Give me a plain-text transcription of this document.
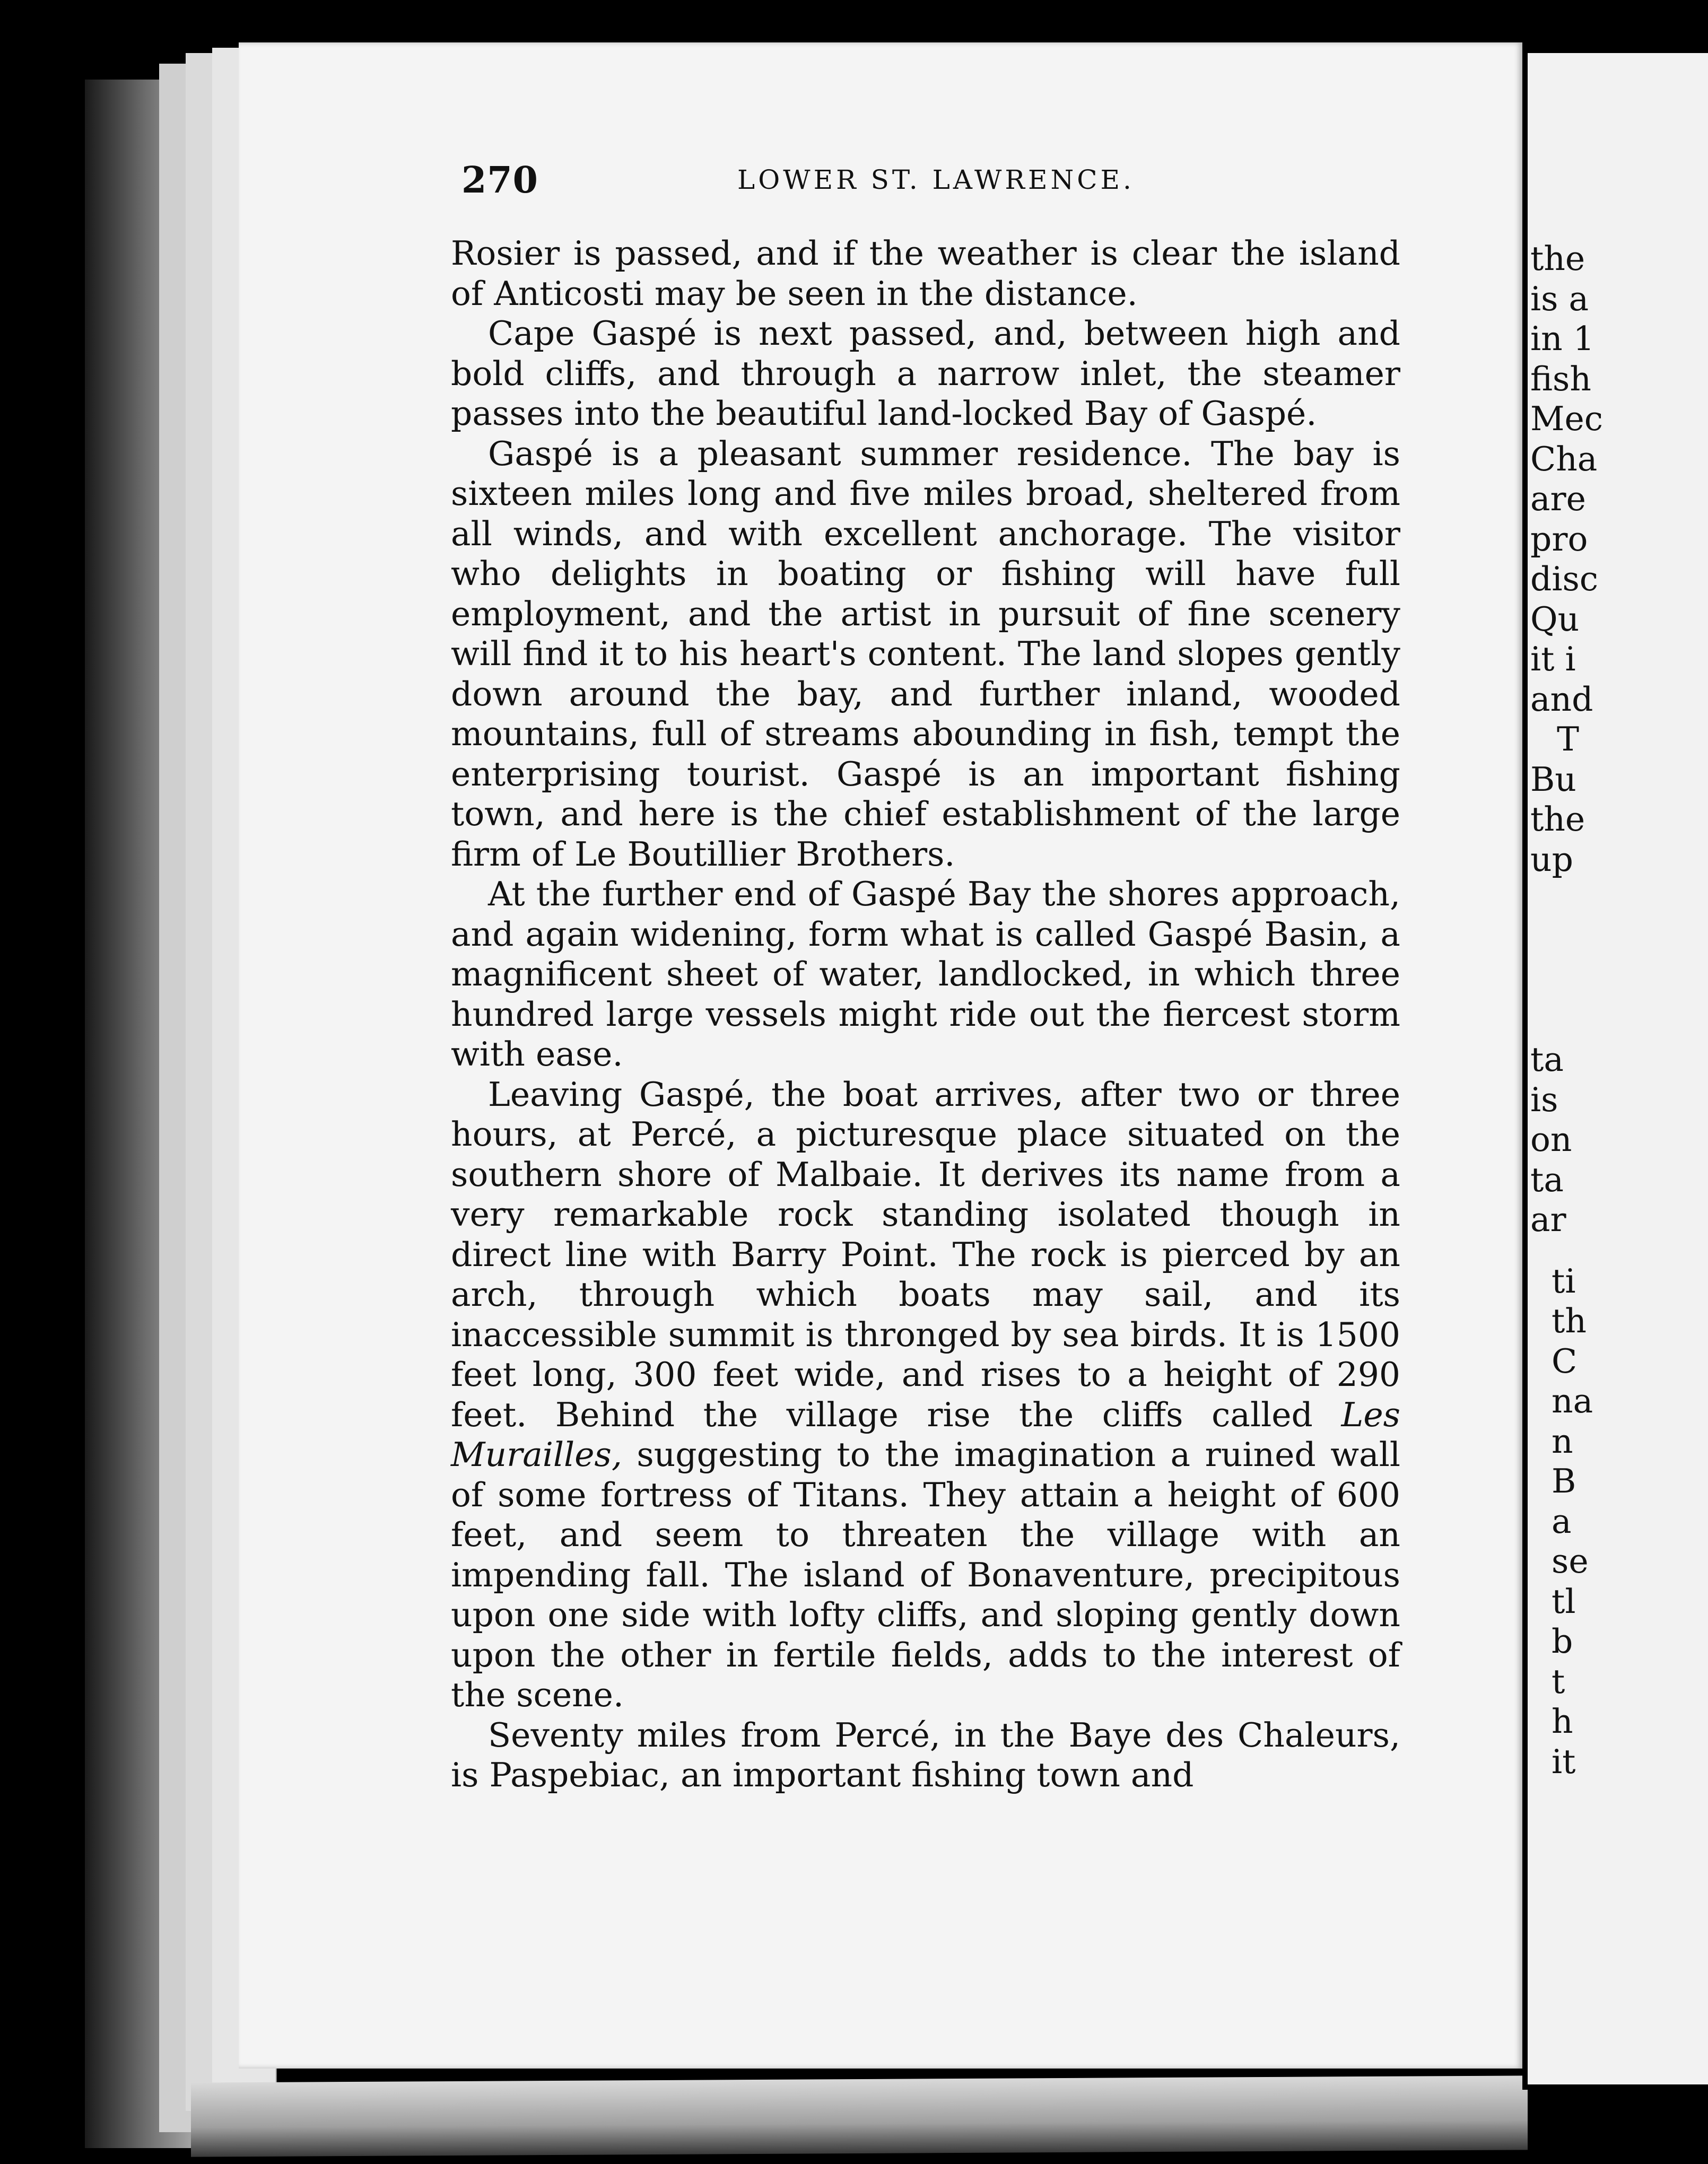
270	LOWER ST. LAWRENCE.

Rosier is passed, and if the weather is clear the island of Anticosti may be seen in the distance.

Cape Gaspé is next passed, and, between high and bold cliffs, and through a narrow inlet, the steamer passes into the beautiful land-locked Bay of Gaspé.

Gaspé is a pleasant summer residence. The bay is sixteen miles long and five miles broad, sheltered from all winds, and with excellent anchorage. The visitor who delights in boating or fishing will have full employment, and the artist in pursuit of fine scenery will find it to his heart's content. The land slopes gently down around the bay, and further inland, wooded mountains, full of streams abounding in fish, tempt the enterprising tourist. Gaspé is an important fishing town, and here is the chief establishment of the large firm of Le Boutillier Brothers.

At the further end of Gaspé Bay the shores approach, and again widening, form what is called Gaspé Basin, a magnificent sheet of water, landlocked, in which three hundred large vessels might ride out the fiercest storm with ease.

Leaving Gaspé, the boat arrives, after two or three hours, at Percé, a picturesque place situated on the southern shore of Malbaie. It derives its name from a very remarkable rock standing isolated though in direct line with Barry Point. The rock is pierced by an arch, through which boats may sail, and its inaccessible summit is thronged by sea birds. It is 1500 feet long, 300 feet wide, and rises to a height of 290 feet. Behind the village rise the cliffs called Les Murailles, suggesting to the imagination a ruined wall of some fortress of Titans. They attain a height of 600 feet, and seem to threaten the village with an impending fall. The island of Bonaventure, precipitous upon one side with lofty cliffs, and sloping gently down upon the other in fertile fields, adds to the interest of the scene.

Seventy miles from Percé, in the Baye des Chaleurs, is Paspebiac, an important fishing town and

the
is a
in 1
fish
Mec
Cha
are
pro
disc
Qu
it i
and
T
Bu
the
up
ta
is
on
ta
ar
ti
th
C
na
n
B
a
se
tl
b
t
h
it
